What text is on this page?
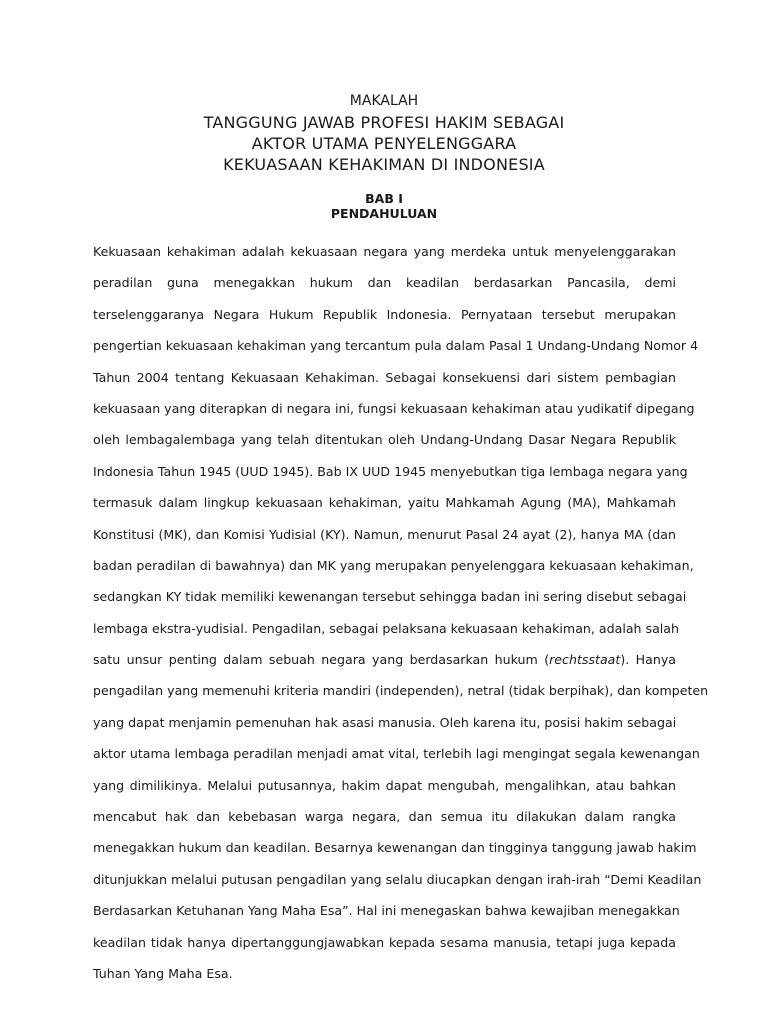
MAKALAH
TANGGUNG JAWAB PROFESI HAKIM SEBAGAI
AKTOR UTAMA PENYELENGGARA
KEKUASAAN KEHAKIMAN DI INDONESIA
BAB I
PENDAHULUAN
Kekuasaan kehakiman adalah kekuasaan negara yang merdeka untuk menyelenggarakan
peradilan guna menegakkan hukum dan keadilan berdasarkan Pancasila, demi
terselenggaranya Negara Hukum Republik Indonesia. Pernyataan tersebut merupakan
pengertian kekuasaan kehakiman yang tercantum pula dalam Pasal 1 Undang-Undang Nomor 4
Tahun 2004 tentang Kekuasaan Kehakiman. Sebagai konsekuensi dari sistem pembagian
kekuasaan yang diterapkan di negara ini, fungsi kekuasaan kehakiman atau yudikatif dipegang
oleh lembagalembaga yang telah ditentukan oleh Undang-Undang Dasar Negara Republik
Indonesia Tahun 1945 (UUD 1945). Bab IX UUD 1945 menyebutkan tiga lembaga negara yang
termasuk dalam lingkup kekuasaan kehakiman, yaitu Mahkamah Agung (MA), Mahkamah
Konstitusi (MK), dan Komisi Yudisial (KY). Namun, menurut Pasal 24 ayat (2), hanya MA (dan
badan peradilan di bawahnya) dan MK yang merupakan penyelenggara kekuasaan kehakiman,
sedangkan KY tidak memiliki kewenangan tersebut sehingga badan ini sering disebut sebagai
lembaga ekstra-yudisial. Pengadilan, sebagai pelaksana kekuasaan kehakiman, adalah salah
satu unsur penting dalam sebuah negara yang berdasarkan hukum (rechtsstaat). Hanya
pengadilan yang memenuhi kriteria mandiri (independen), netral (tidak berpihak), dan kompeten
yang dapat menjamin pemenuhan hak asasi manusia. Oleh karena itu, posisi hakim sebagai
aktor utama lembaga peradilan menjadi amat vital, terlebih lagi mengingat segala kewenangan
yang dimilikinya. Melalui putusannya, hakim dapat mengubah, mengalihkan, atau bahkan
mencabut hak dan kebebasan warga negara, dan semua itu dilakukan dalam rangka
menegakkan hukum dan keadilan. Besarnya kewenangan dan tingginya tanggung jawab hakim
ditunjukkan melalui putusan pengadilan yang selalu diucapkan dengan irah-irah “Demi Keadilan
Berdasarkan Ketuhanan Yang Maha Esa”. Hal ini menegaskan bahwa kewajiban menegakkan
keadilan tidak hanya dipertanggungjawabkan kepada sesama manusia, tetapi juga kepada
Tuhan Yang Maha Esa.
